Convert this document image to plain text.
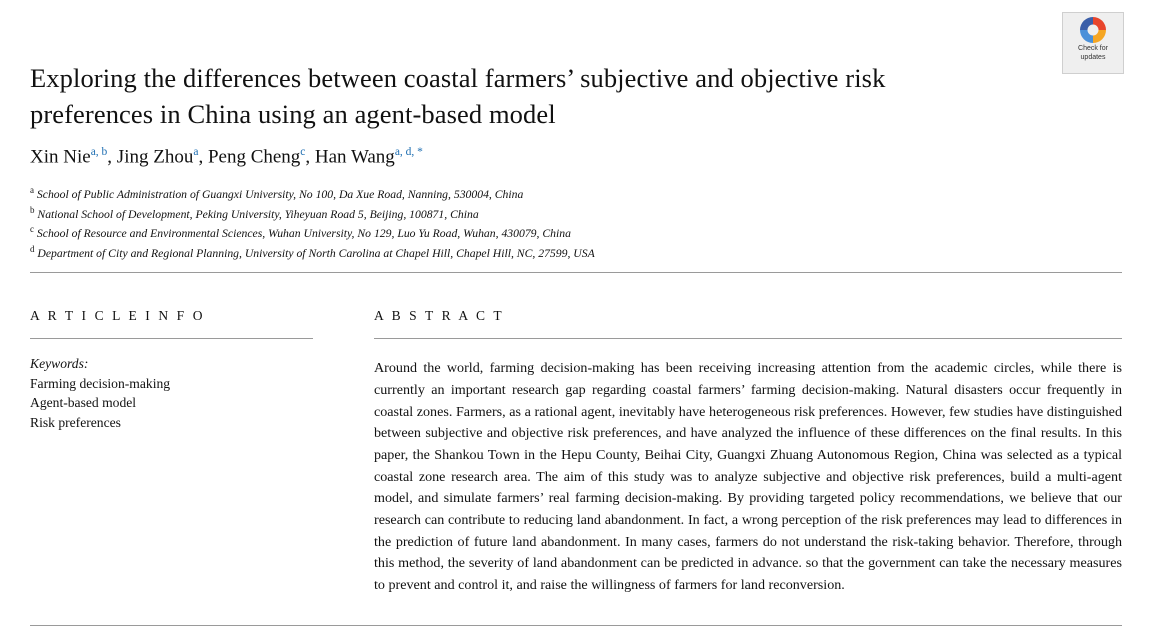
Check for
updates
Exploring the differences between coastal farmers’ subjective and objective risk preferences in China using an agent-based model
Xin Nie$^{a, b}$, Jing Zhou$^a$, Peng Cheng$^c$, Han Wang$^{a, d, *}$
$^a$ School of Public Administration of Guangxi University, No 100, Da Xue Road, Nanning, 530004, China
$^b$ National School of Development, Peking University, Yiheyuan Road 5, Beijing, 100871, China
$^c$ School of Resource and Environmental Sciences, Wuhan University, No 129, Luo Yu Road, Wuhan, 430079, China
$^d$ Department of City and Regional Planning, University of North Carolina at Chapel Hill, Chapel Hill, NC, 27599, USA
A R T I C L E I N F O	A B S T R A C T
Keywords:
Farming decision-making
Agent-based model
Risk preferences

Around the world, farming decision-making has been receiving increasing attention from the academic circles, while there is currently an important research gap regarding coastal farmers’ farming decision-making. Natural disasters occur frequently in coastal zones. Farmers, as a rational agent, inevitably have heterogeneous risk preferences. However, few studies have distinguished between subjective and objective risk preferences, and have analyzed the influence of these differences on the final results. In this paper, the Shankou Town in the Hepu County, Beihai City, Guangxi Zhuang Autonomous Region, China was selected as a typical coastal zone research area. The aim of this study was to analyze subjective and objective risk preferences, build a multi-agent model, and simulate farmers’ real farming decision-making. By providing targeted policy recommendations, we believe that our research can contribute to reducing land abandonment. In fact, a wrong perception of the risk preferences may lead to differences in the prediction of future land abandonment. In many cases, farmers do not understand the risk-taking behavior. Therefore, through this method, the severity of land abandonment can be predicted in advance. so that the government can take the necessary measures to prevent and control it, and raise the willingness of farmers for land reconversion.
